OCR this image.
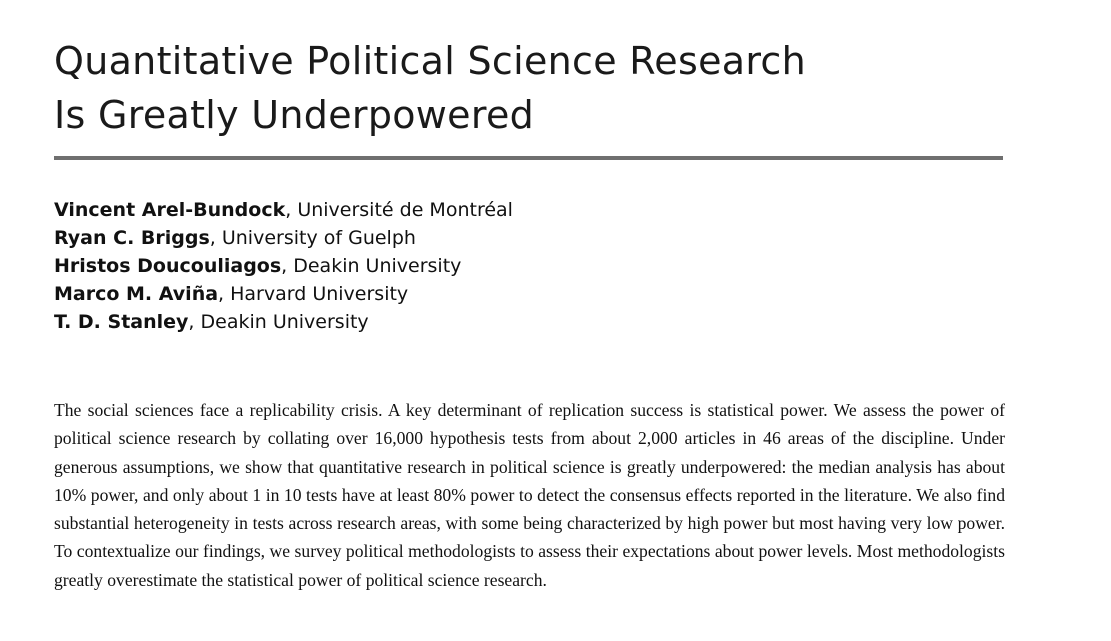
Quantitative Political Science Research
Is Greatly Underpowered
Vincent Arel-Bundock, Université de Montréal
Ryan C. Briggs, University of Guelph
Hristos Doucouliagos, Deakin University
Marco M. Aviña, Harvard University
T. D. Stanley, Deakin University

The social sciences face a replicability crisis. A key determinant of replication success is statistical power. We assess the power of political science research by collating over 16,000 hypothesis tests from about 2,000 articles in 46 areas of the discipline. Under generous assumptions, we show that quantitative research in political science is greatly underpowered: the median analysis has about 10% power, and only about 1 in 10 tests have at least 80% power to detect the consensus effects reported in the literature. We also find substantial heterogeneity in tests across research areas, with some being characterized by high power but most having very low power. To contextualize our findings, we survey political methodologists to assess their expectations about power levels. Most methodologists greatly overestimate the statistical power of political science research.
